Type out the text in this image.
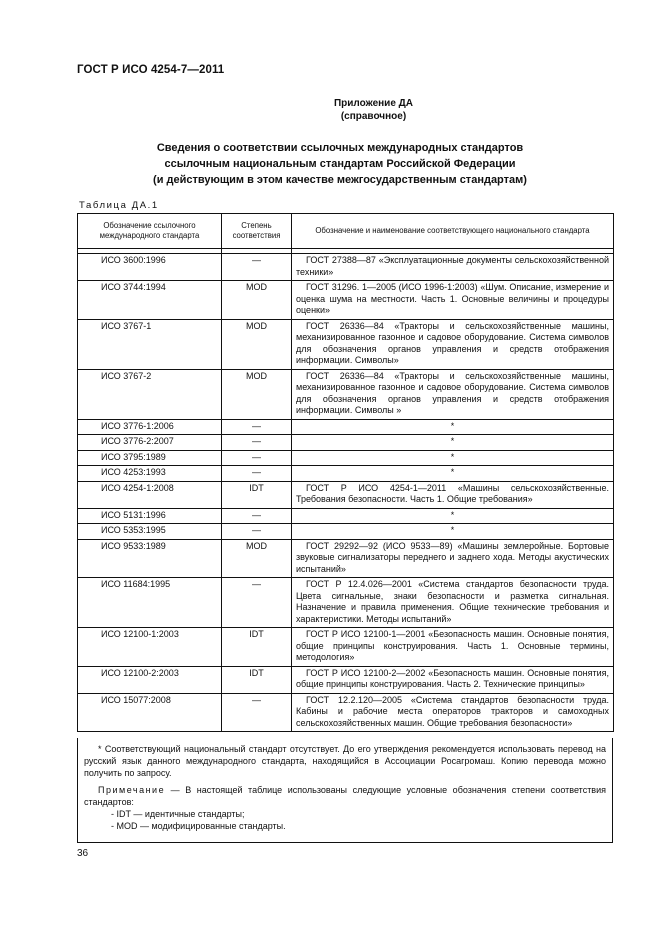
ГОСТ Р ИСО 4254-7—2011
Приложение ДА
(справочное)
Сведения о соответствии ссылочных международных стандартов
ссылочным национальным стандартам Российской Федерации
(и действующим в этом качестве межгосударственным стандартам)
Таблица ДА.1
Обозначение ссылочного международного стандарта	Степень соответствия	Обозначение и наименование соответствующего национального стандарта

ИСО 3600:1996	—	ГОСТ 27388—87 «Эксплуатационные документы сельскохозяйственной техники»
ИСО 3744:1994	MOD	ГОСТ 31296. 1—2005 (ИСО 1996-1:2003) «Шум. Описание, измерение и оценка шума на местности. Часть 1. Основные величины и процедуры оценки»
ИСО 3767-1	MOD	ГОСТ 26336—84 «Тракторы и сельскохозяйственные машины, механизированное газонное и садовое оборудование. Система символов для обозначения органов управления и средств отображения информации. Символы»
ИСО 3767-2	MOD	ГОСТ 26336—84 «Тракторы и сельскохозяйственные машины, механизированное газонное и садовое оборудование. Система символов для обозначения органов управления и средств отображения информации. Символы »
ИСО 3776-1:2006	—	*
ИСО 3776-2:2007	—	*
ИСО 3795:1989	—	*
ИСО 4253:1993	—	*
ИСО 4254-1:2008	IDT	ГОСТ Р ИСО 4254-1—2011 «Машины сельскохозяйственные. Требования безопасности. Часть 1. Общие требования»
ИСО 5131:1996	—	*
ИСО 5353:1995	—	*
ИСО 9533:1989	MOD	ГОСТ 29292—92 (ИСО 9533—89) «Машины землеройные. Бортовые звуковые сигнализаторы переднего и заднего хода. Методы акустических испытаний»
ИСО 11684:1995	—	ГОСТ Р 12.4.026—2001 «Система стандартов безопасности труда. Цвета сигнальные, знаки безопасности и разметка сигнальная. Назначение и правила применения. Общие технические требования и характеристики. Методы испытаний»
ИСО 12100-1:2003	IDT	ГОСТ Р ИСО 12100-1—2001 «Безопасность машин. Основные понятия, общие принципы конструирования. Часть 1. Основные термины, методология»
ИСО 12100-2:2003	IDT	ГОСТ Р ИСО 12100-2—2002 «Безопасность машин. Основные понятия, общие принципы конструирования. Часть 2. Технические принципы»
ИСО 15077:2008	—	ГОСТ 12.2.120—2005 «Система стандартов безопасности труда. Кабины и рабочие места операторов тракторов и самоходных сельскохозяйственных машин. Общие требования безопасности»
* Соответствующий национальный стандарт отсутствует. До его утверждения рекомендуется использовать перевод на русский язык данного международного стандарта, находящийся в Ассоциации Росагромаш. Копию перевода можно получить по запросу.
Примечание — В настоящей таблице использованы следующие условные обозначения степени соответствия стандартов:
- IDT — идентичные стандарты;
- MOD — модифицированные стандарты.
36
